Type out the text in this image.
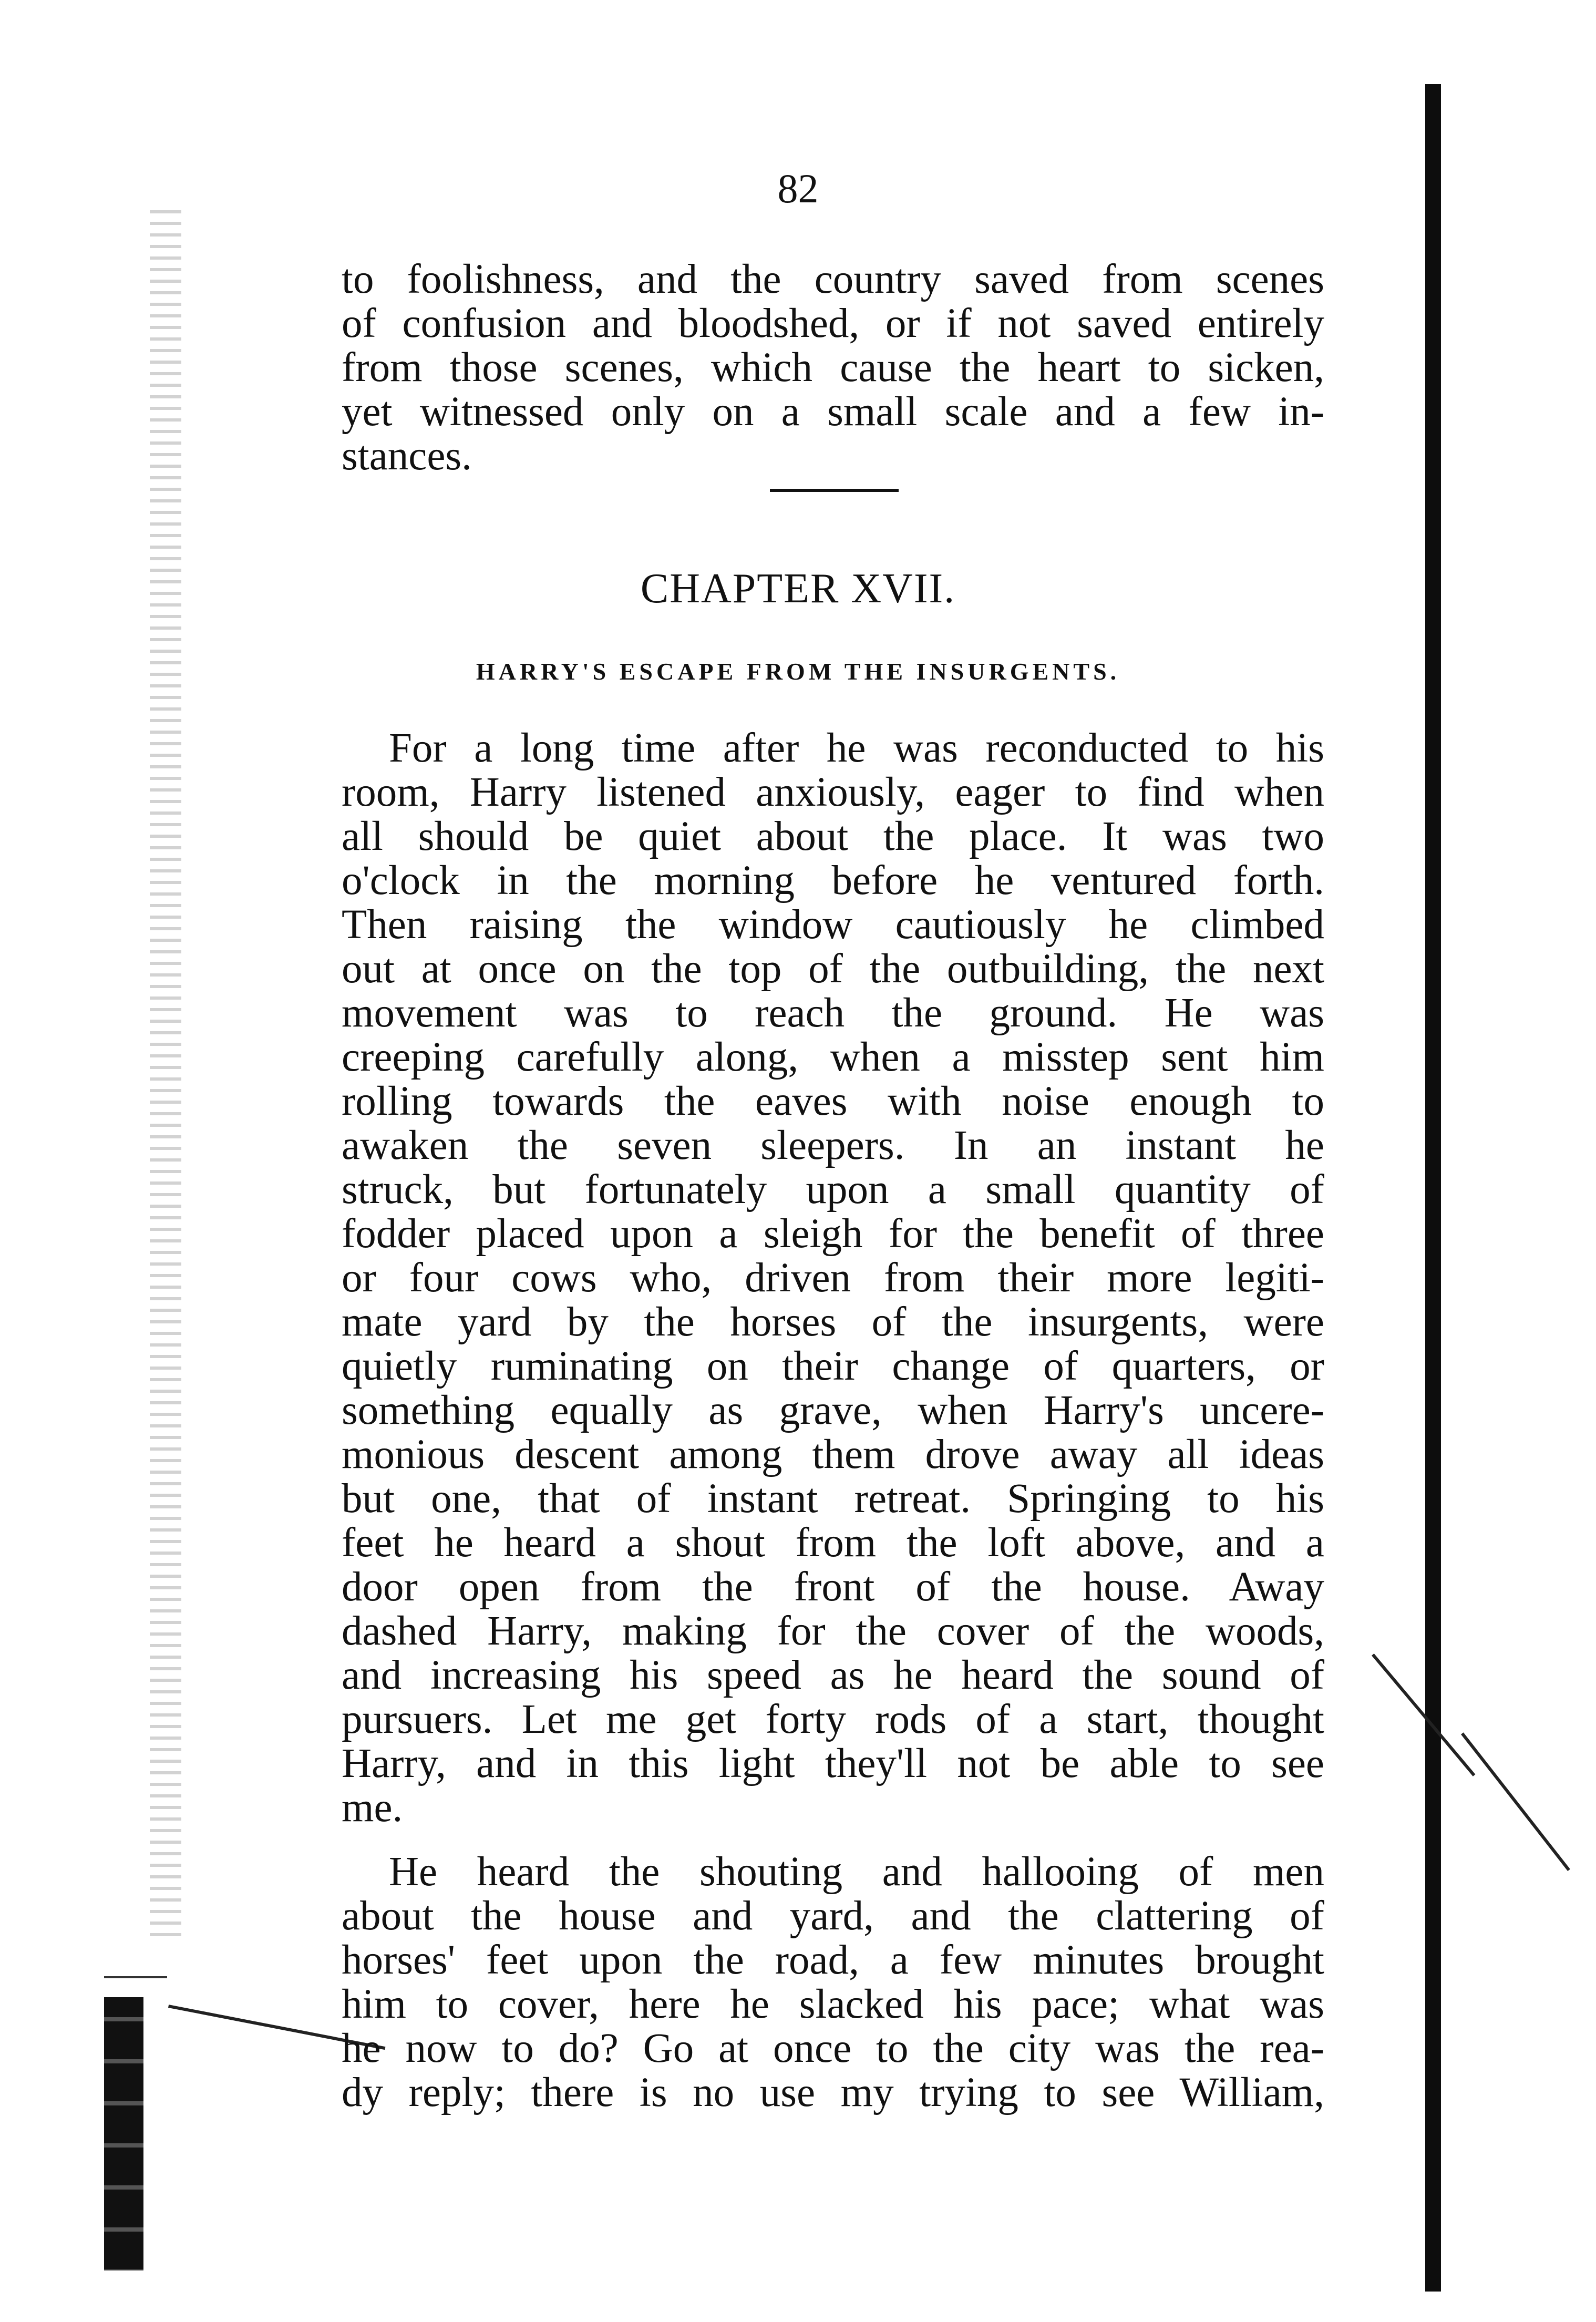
82
to foolishness, and the country saved from scenes
of confusion and bloodshed, or if not saved entirely
from those scenes, which cause the heart to sicken,
yet witnessed only on a small scale and a few in-
stances.
CHAPTER XVII.
HARRY'S ESCAPE FROM THE INSURGENTS.
For a long time after he was reconducted to his
room, Harry listened anxiously, eager to find when
all should be quiet about the place. It was two
o'clock in the morning before he ventured forth.
Then raising the window cautiously he climbed
out at once on the top of the outbuilding, the next
movement was to reach the ground. He was
creeping carefully along, when a misstep sent him
rolling towards the eaves with noise enough to
awaken the seven sleepers. In an instant he
struck, but fortunately upon a small quantity of
fodder placed upon a sleigh for the benefit of three
or four cows who, driven from their more legiti-
mate yard by the horses of the insurgents, were
quietly ruminating on their change of quarters, or
something equally as grave, when Harry's uncere-
monious descent among them drove away all ideas
but one, that of instant retreat. Springing to his
feet he heard a shout from the loft above, and a
door open from the front of the house. Away
dashed Harry, making for the cover of the woods,
and increasing his speed as he heard the sound of
pursuers. Let me get forty rods of a start, thought
Harry, and in this light they'll not be able to see
me.
He heard the shouting and hallooing of men
about the house and yard, and the clattering of
horses' feet upon the road, a few minutes brought
him to cover, here he slacked his pace; what was
he now to do? Go at once to the city was the rea-
dy reply; there is no use my trying to see William,
